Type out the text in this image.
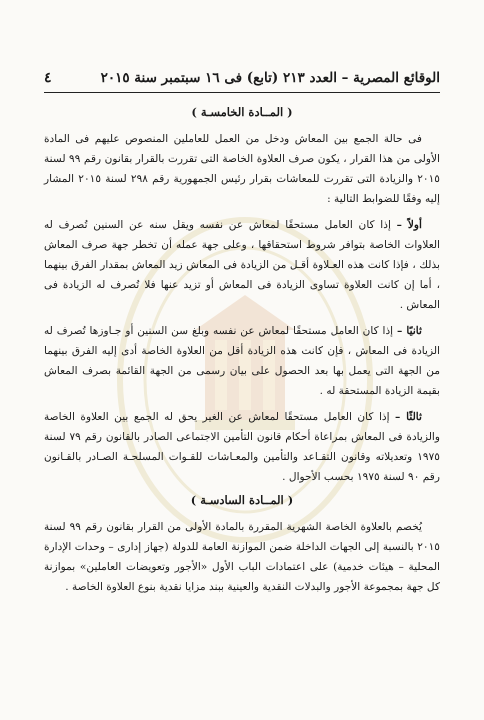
الوقائع المصرية – العدد ٢١٣ (تابع) فى ١٦ سبتمبر سنة ٢٠١٥
٤
( المــادة الخامسـة )

فى حالة الجمع بين المعاش ودخل من العمل للعاملين المنصوص عليهم فى المادة الأولى من هذا القرار ، يكون صرف العلاوة الخاصة التى تقررت بالقرار بقانون رقم ٩٩ لسنة ٢٠١٥ والزيادة التى تقررت للمعاشات بقرار رئيس الجمهورية رقم ٢٩٨ لسنة ٢٠١٥ المشار إليه وفقًا للضوابط التالية :

أولاً – إذا كان العامل مستحقًا لمعاش عن نفسه ويقل سنه عن السنين تُصرف له العلاوات الخاصة بتوافر شروط استحقاقها ، وعلى جهة عمله أن تخطر جهة صرف المعاش بذلك ، فإذا كانت هذه العـلاوة أقـل من الزيادة فى المعاش زيد المعاش بمقدار الفرق بينهما ، أما إن كانت العلاوة تساوى الزيادة فى المعاش أو تزيد عنها فلا تُصرف له الزيادة فى المعاش .

ثانيًا – إذا كان العامل مستحقًا لمعاش عن نفسه وبلغ سن السنين أو جـاوزها تُصرف له الزيادة فى المعاش ، فإن كانت هذه الزيادة أقل من العلاوة الخاصة أدى إليه الفرق بينهما من الجهة التى يعمل بها بعد الحصول على بيان رسمى من الجهة القائمة بصرف المعاش بقيمة الزيادة المستحقة له .

ثالثًا – إذا كان العامل مستحقًا لمعاش عن الغير يحق له الجمع بين العلاوة الخاصة والزيادة فى المعاش بمراعاة أحكام قانون التأمين الاجتماعى الصادر بالقانون رقم ٧٩ لسنة ١٩٧٥ وتعديلاته وقانون التقـاعد والتأمين والمعـاشات للقـوات المسلحـة الصـادر بالقـانون رقم ٩٠ لسنة ١٩٧٥ بحسب الأحوال .

( المــادة السادسـة )

يُخصم بالعلاوة الخاصة الشهرية المقررة بالمادة الأولى من القرار بقانون رقم ٩٩ لسنة ٢٠١٥ بالنسبة إلى الجهات الداخلة ضمن الموازنة العامة للدولة (جهاز إدارى – وحدات الإدارة المحلية – هيئات خدمية) على اعتمادات الباب الأول «الأجور وتعويضات العاملين» بموازنة كل جهة بمجموعة الأجور والبدلات النقدية والعينية ببند مزايا نقدية بنوع العلاوة الخاصة .
